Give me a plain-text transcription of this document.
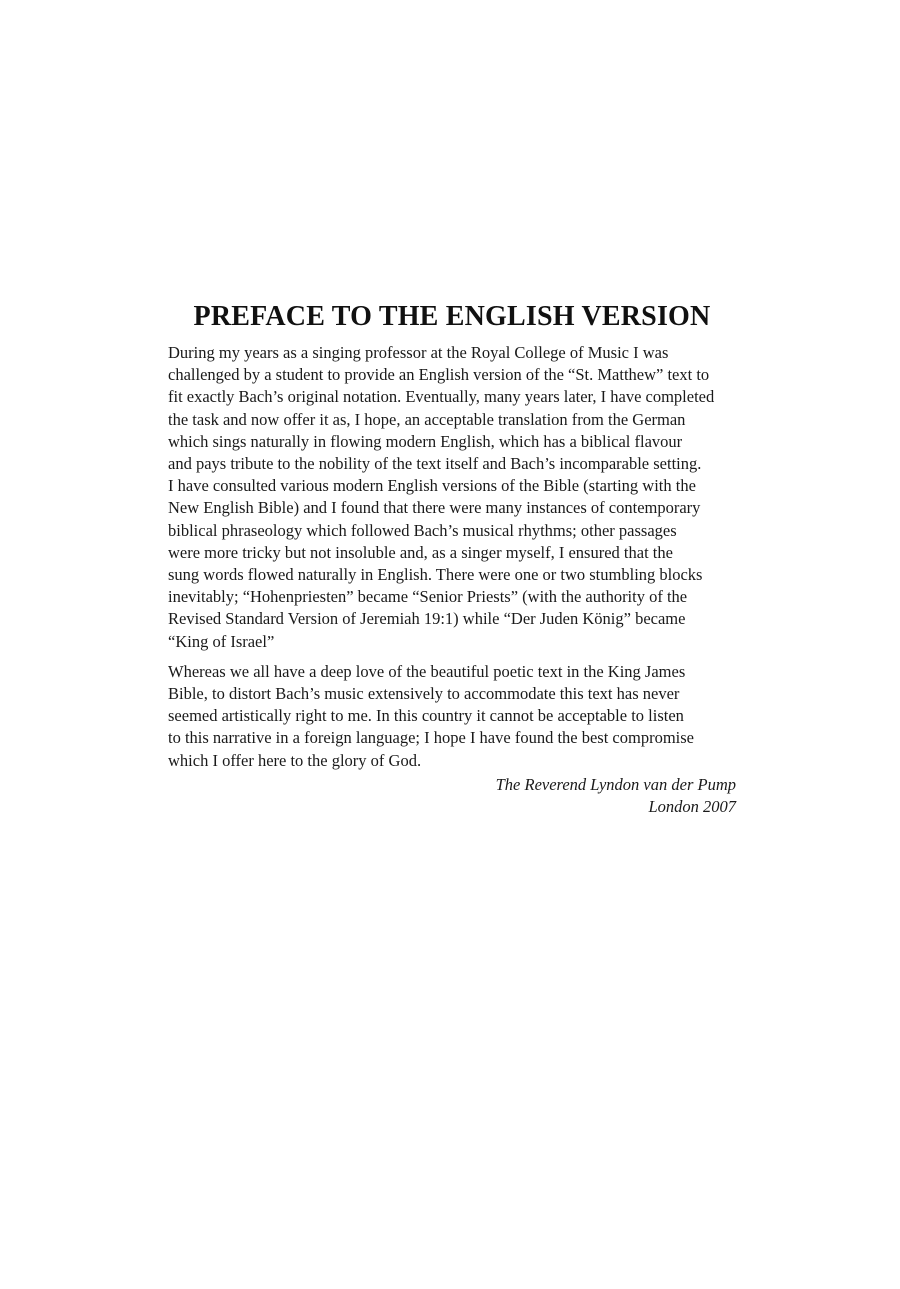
PREFACE TO THE ENGLISH VERSION
During my years as a singing professor at the Royal College of Music I was
challenged by a student to provide an English version of the “St. Matthew” text to
fit exactly Bach’s original notation. Eventually, many years later, I have completed
the task and now offer it as, I hope, an acceptable translation from the German
which sings naturally in flowing modern English, which has a biblical flavour
and pays tribute to the nobility of the text itself and Bach’s incomparable setting.
I have consulted various modern English versions of the Bible (starting with the
New English Bible) and I found that there were many instances of contemporary
biblical phraseology which followed Bach’s musical rhythms; other passages
were more tricky but not insoluble and, as a singer myself, I ensured that the
sung words flowed naturally in English. There were one or two stumbling blocks
inevitably; “Hohenpriesten” became “Senior Priests” (with the authority of the
Revised Standard Version of Jeremiah 19:1) while “Der Juden König” became
“King of Israel”
Whereas we all have a deep love of the beautiful poetic text in the King James
Bible, to distort Bach’s music extensively to accommodate this text has never
seemed artistically right to me. In this country it cannot be acceptable to listen
to this narrative in a foreign language; I hope I have found the best compromise
which I offer here to the glory of God.
The Reverend Lyndon van der Pump
London 2007
